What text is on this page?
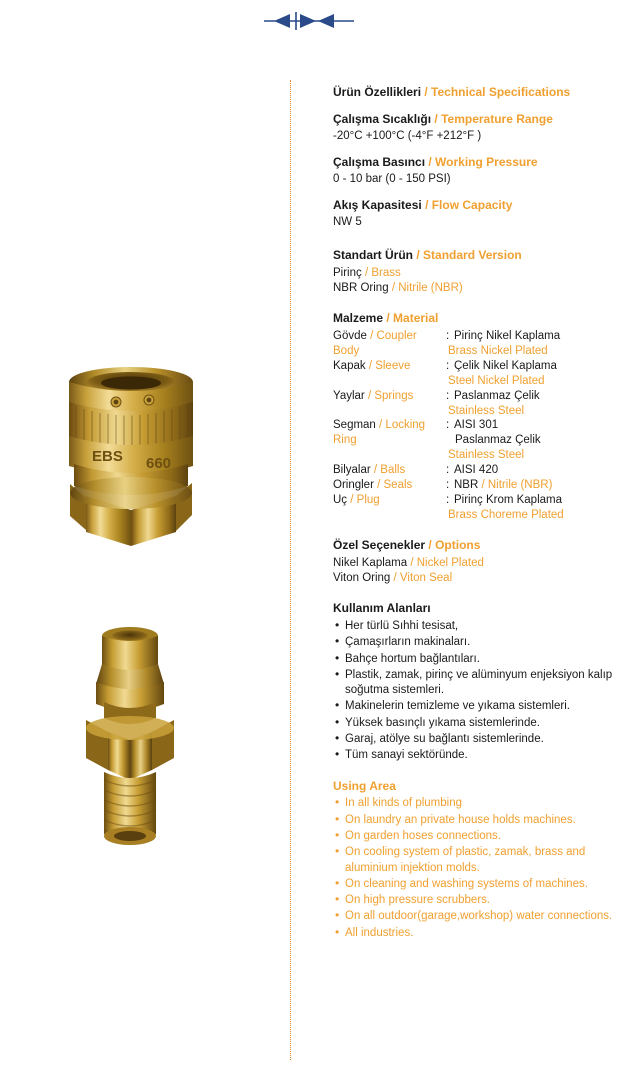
EBS 660
Ürün Özellikleri / Technical Specifications
Çalışma Sıcaklığı / Temperature Range
-20°C +100°C (-4°F +212°F )
Çalışma Basıncı / Working Pressure
0 - 10 bar (0 - 150 PSI)
Akış Kapasitesi / Flow Capacity
NW 5
Standart Ürün / Standard Version
Pirinç / Brass
NBR Oring / Nitrile (NBR)
Malzeme / Material
Gövde / Coupler Body
: Pirinç Nikel Kaplama
Brass Nickel Plated
Kapak / Sleeve	: Çelik Nikel Kaplama
Steel Nickel Plated
Yaylar / Springs	: Paslanmaz Çelik
Stainless Steel
Segman / Locking Ring
: AISI 301
Paslanmaz Çelik
Stainless Steel
Bilyalar / Balls	: AISI 420
Oringler / Seals	: NBR / Nitrile (NBR)
Uç / Plug	: Pirinç Krom Kaplama
Brass Choreme Plated
Özel Seçenekler / Options
Nikel Kaplama / Nickel Plated
Viton Oring / Viton Seal
Kullanım Alanları
• Her türlü Sıhhi tesisat,
• Çamaşırların makinaları.
• Bahçe hortum bağlantıları.
• Plastik, zamak, pirinç ve alüminyum enjeksiyon kalıp soğutma sistemleri.
• Makinelerin temizleme ve yıkama sistemleri.
• Yüksek basınçlı yıkama sistemlerinde.
• Garaj, atölye su bağlantı sistemlerinde.
• Tüm sanayi sektöründe.
Using Area
• In all kinds of plumbing
• On laundry an private house holds machines.
• On garden hoses connections.
• On cooling system of plastic, zamak, brass and aluminium injektion molds.
• On cleaning and washing systems of machines.
• On high pressure scrubbers.
• On all outdoor(garage,workshop) water connections.
• All industries.
